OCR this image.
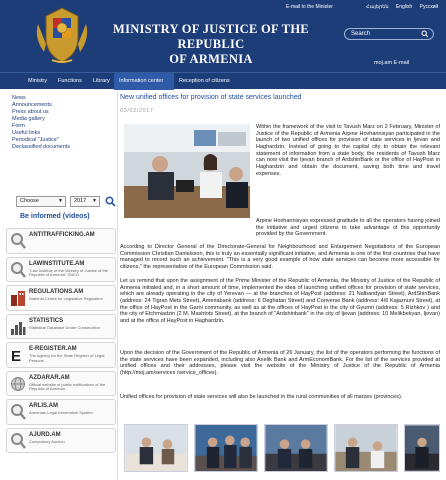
MINISTRY OF JUSTICE OF THE REPUBLIC
OF ARMENIA
E-mail to the Minister	Հայերեն English Русский
Search
moj.am E-mail
Ministry Functions Library Information center	Reception of citizens
News
Announcements
Press about us
Media gallery
Form
Useful links
Periodical "Justice"
Declassified documents
Choose	▼	2017 ▼
Be informed (videos)
ANTITRAFFICKING.AM
LAWINSTITUTE.AM
"Law Institute of the Ministry of Justice of the Republic of Armenia" SNCO
REGULATIONS.AM
National Centre for Legislative Regulation
STATISTICS
Statistical Database Under Construction
E E-REGISTER.AM
The Agency for the State Register of Legal Persons
AZDARAR.AM
Official website of public notifications of the Republic of Armenia
ARLIS.AM
Armenian Legal Information System
AJURD.AM
Compulsory Auction
New unified offices for provision of state services launched
03/02/2017
Within the framework of the visit to Tavush Marz on 2 February, Minister of Justice of the Republic of Armenia Arpine Hovhannisyan participated in the launch of two unified offices for provision of state services in Ijevan and Haghardzin. Instead of going to the capital city to obtain the relevant statement of information from a state body, the residents of Tavush Marz can now visit the Ijevan branch of ArdshinBank or the office of HayPost in Haghardzin and obtain the document, saving both time and travel expenses.
Arpine Hovhannisyan expressed gratitude to all the operators having joined the initiative and urged citizens to take advantage of this opportunity provided by the Government.
According to Director General of the Directorate-General for Neighbourhood and Enlargement Negotiations of the European Commission Christian Danielsson, this is truly an essentially significant initiative, and Armenia is one of the first countries that have managed to record such an achievement. "This is a very good example of how state services can become more accessible for citizens," the representative of the European Commission said.
Let us remind that upon the assignment of the Prime Minister of the Republic of Armenia, the Ministry of Justice of the Republic of Armenia initiated and, in a short amount of time, implemented the idea of launching unified offices for provision of state services, which are already operating in the city of Yerevan — at the branches of HayPost (address: 21 Nalbandyan Street), ArdShinBank (address: 24 Tigran Mets Street), Ameriabank (address: 6 Deghatan Street) and Converse Bank (address: 4/6 Kajaznuni Street), at the office of HayPost in the Garni community, as well as at the offices of HayPost in the city of Gyumri (address: 5 Rizhkov ) and the city of Etchmiadzin (2 M. Mashtots Street), at the branch of "Ardshinbank" in the city of Ijevan (address: 10 Melikbekyan, Ijevan) and at the office of HayPost in Haghardzin.
Upon the decision of the Government of the Republic of Armenia of 26 January, the list of the operators performing the functions of the state services have been expanded, including also Anelik Bank and ArmEconomBank. For the list of the services provided at unified offices and their addresses, please visit the website of the Ministry of Justice of the Republic of Armenia (http://moj.am/services /service_offices).
Unified offices for provision of state services will also be launched in the rural communities of all marzes (provinces).
